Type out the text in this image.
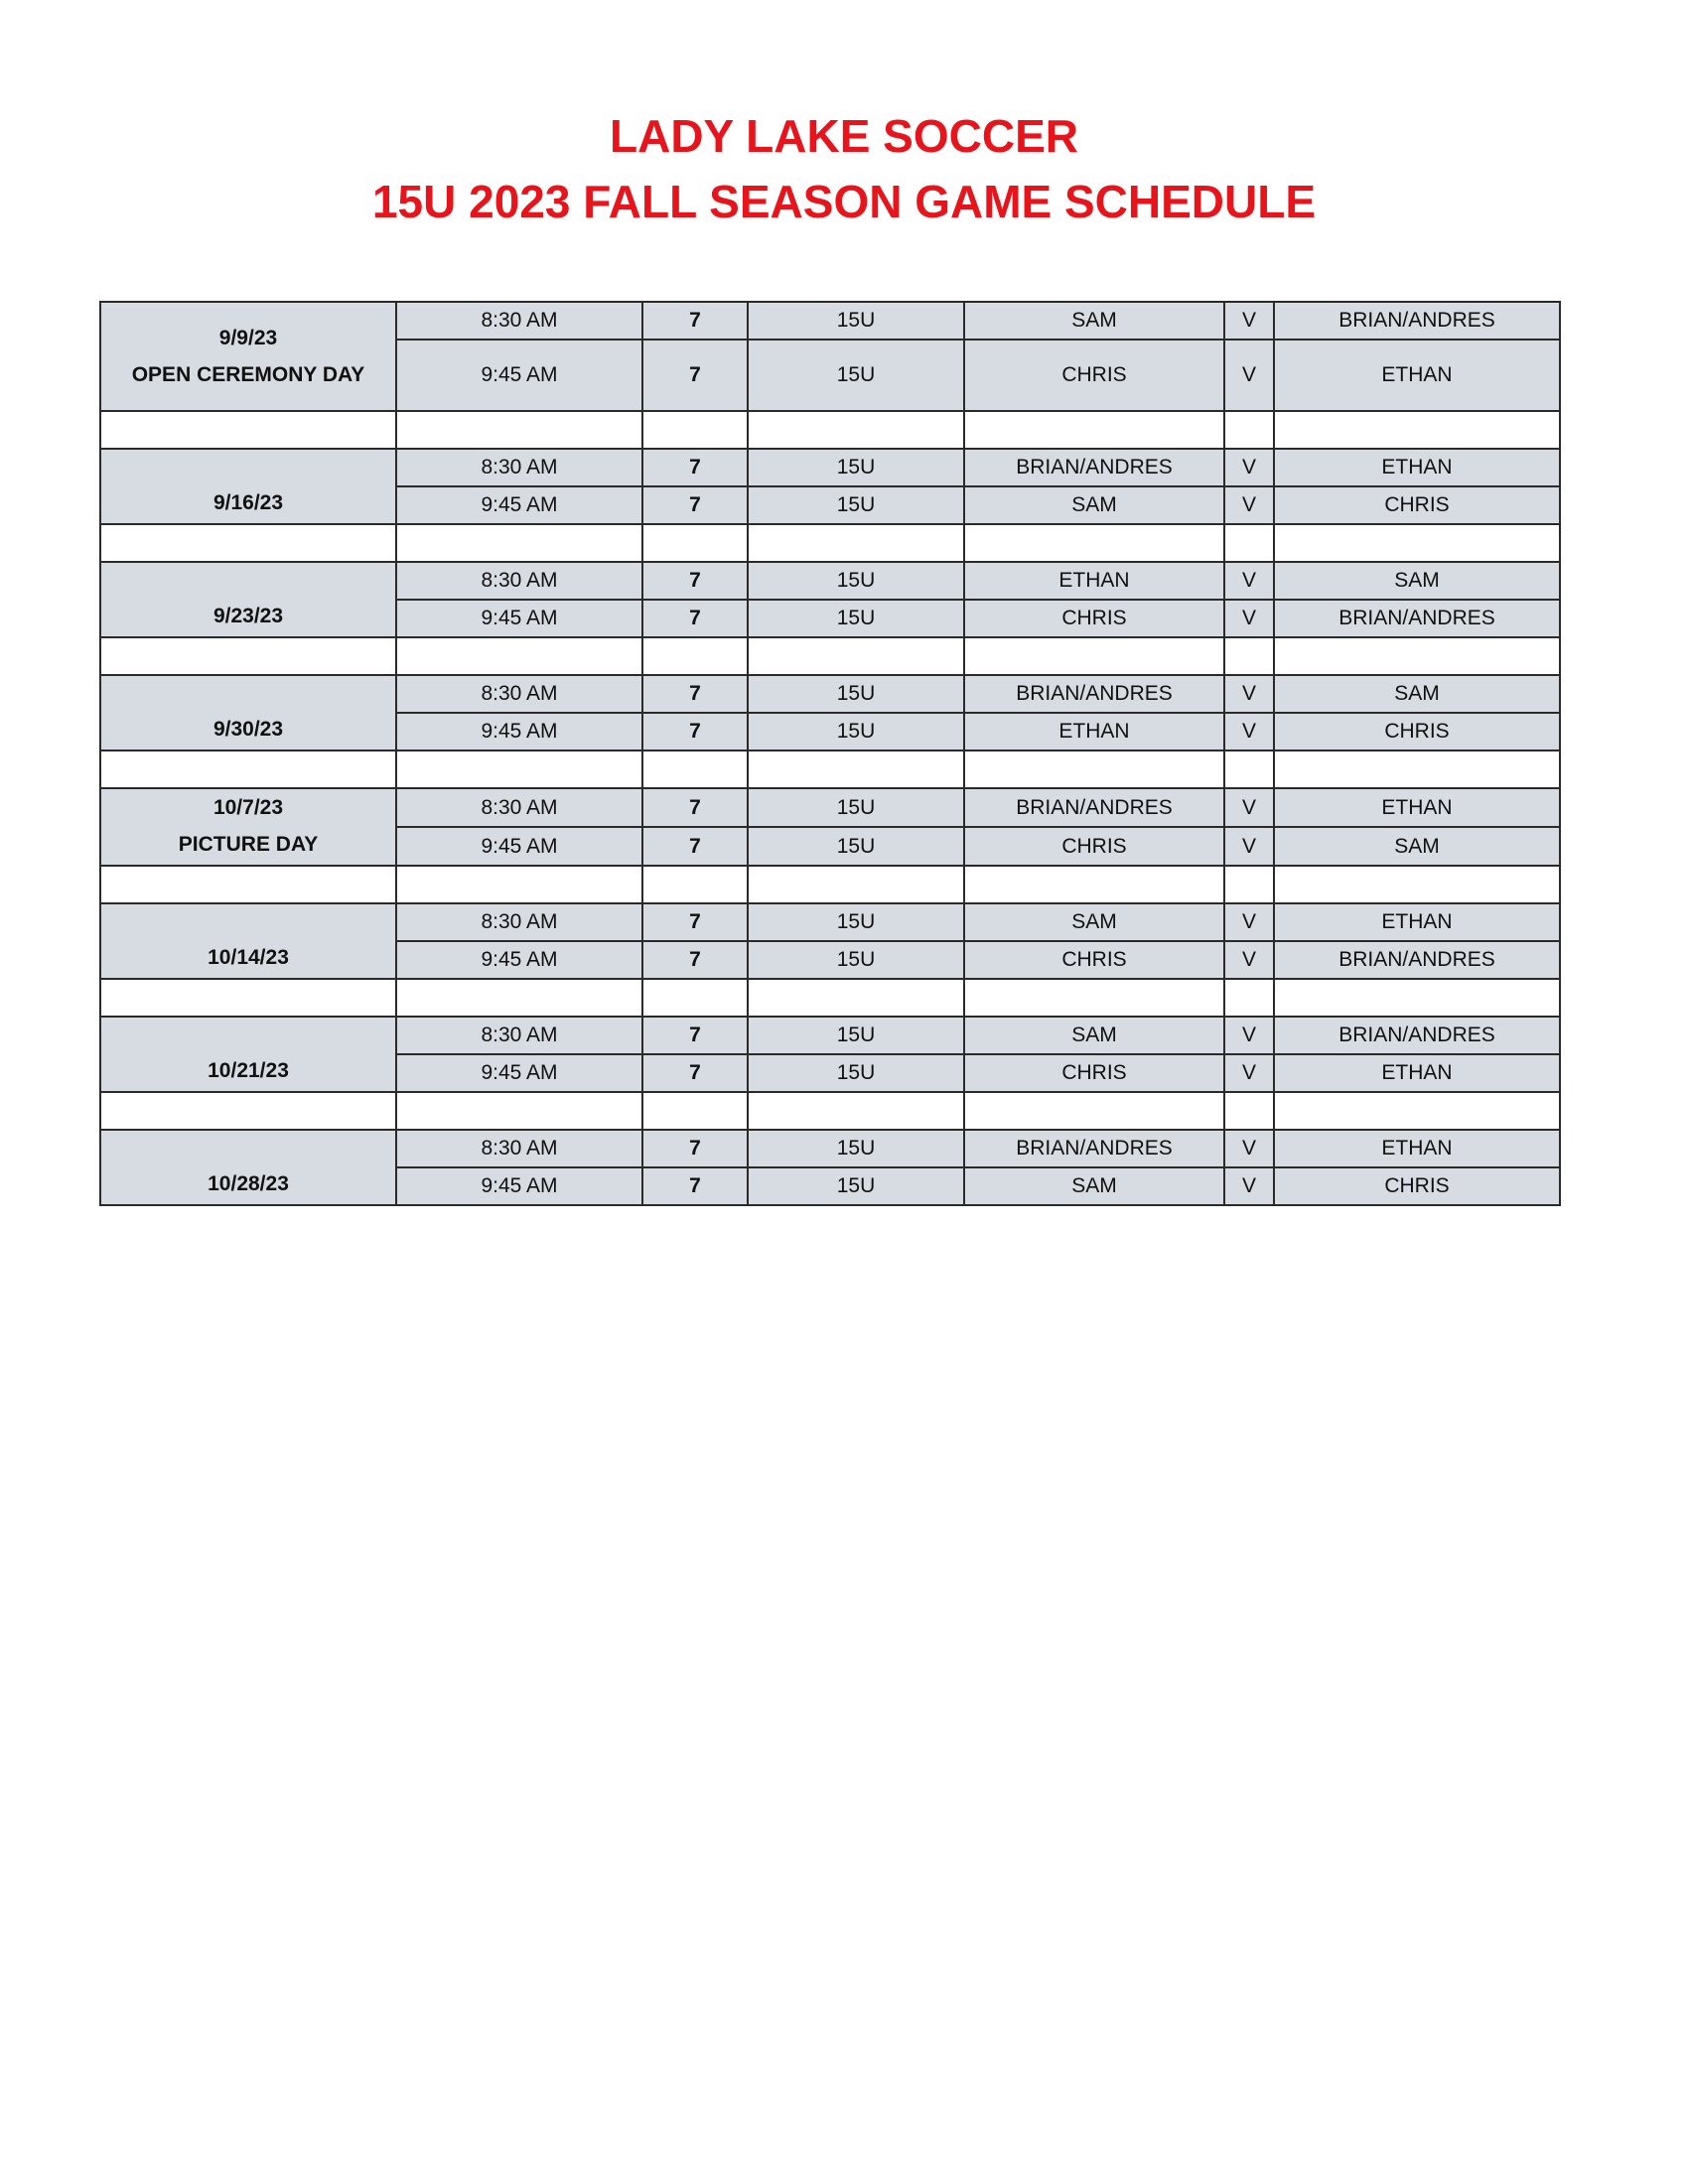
LADY LAKE SOCCER
15U 2023 FALL SEASON GAME SCHEDULE
9/9/23
OPEN CEREMONY DAY	8:30 AM	7	15U	SAM	V	BRIAN/ANDRES
	9:45 AM	7	15U	CHRIS	V	ETHAN

9/16/23	8:30 AM	7	15U	BRIAN/ANDRES	V	ETHAN
	9:45 AM	7	15U	SAM	V	CHRIS

9/23/23	8:30 AM	7	15U	ETHAN	V	SAM
	9:45 AM	7	15U	CHRIS	V	BRIAN/ANDRES

9/30/23	8:30 AM	7	15U	BRIAN/ANDRES	V	SAM
	9:45 AM	7	15U	ETHAN	V	CHRIS

10/7/23
PICTURE DAY	8:30 AM	7	15U	BRIAN/ANDRES	V	ETHAN
	9:45 AM	7	15U	CHRIS	V	SAM

10/14/23	8:30 AM	7	15U	SAM	V	ETHAN
	9:45 AM	7	15U	CHRIS	V	BRIAN/ANDRES

10/21/23	8:30 AM	7	15U	SAM	V	BRIAN/ANDRES
	9:45 AM	7	15U	CHRIS	V	ETHAN

10/28/23	8:30 AM	7	15U	BRIAN/ANDRES	V	ETHAN
	9:45 AM	7	15U	SAM	V	CHRIS
